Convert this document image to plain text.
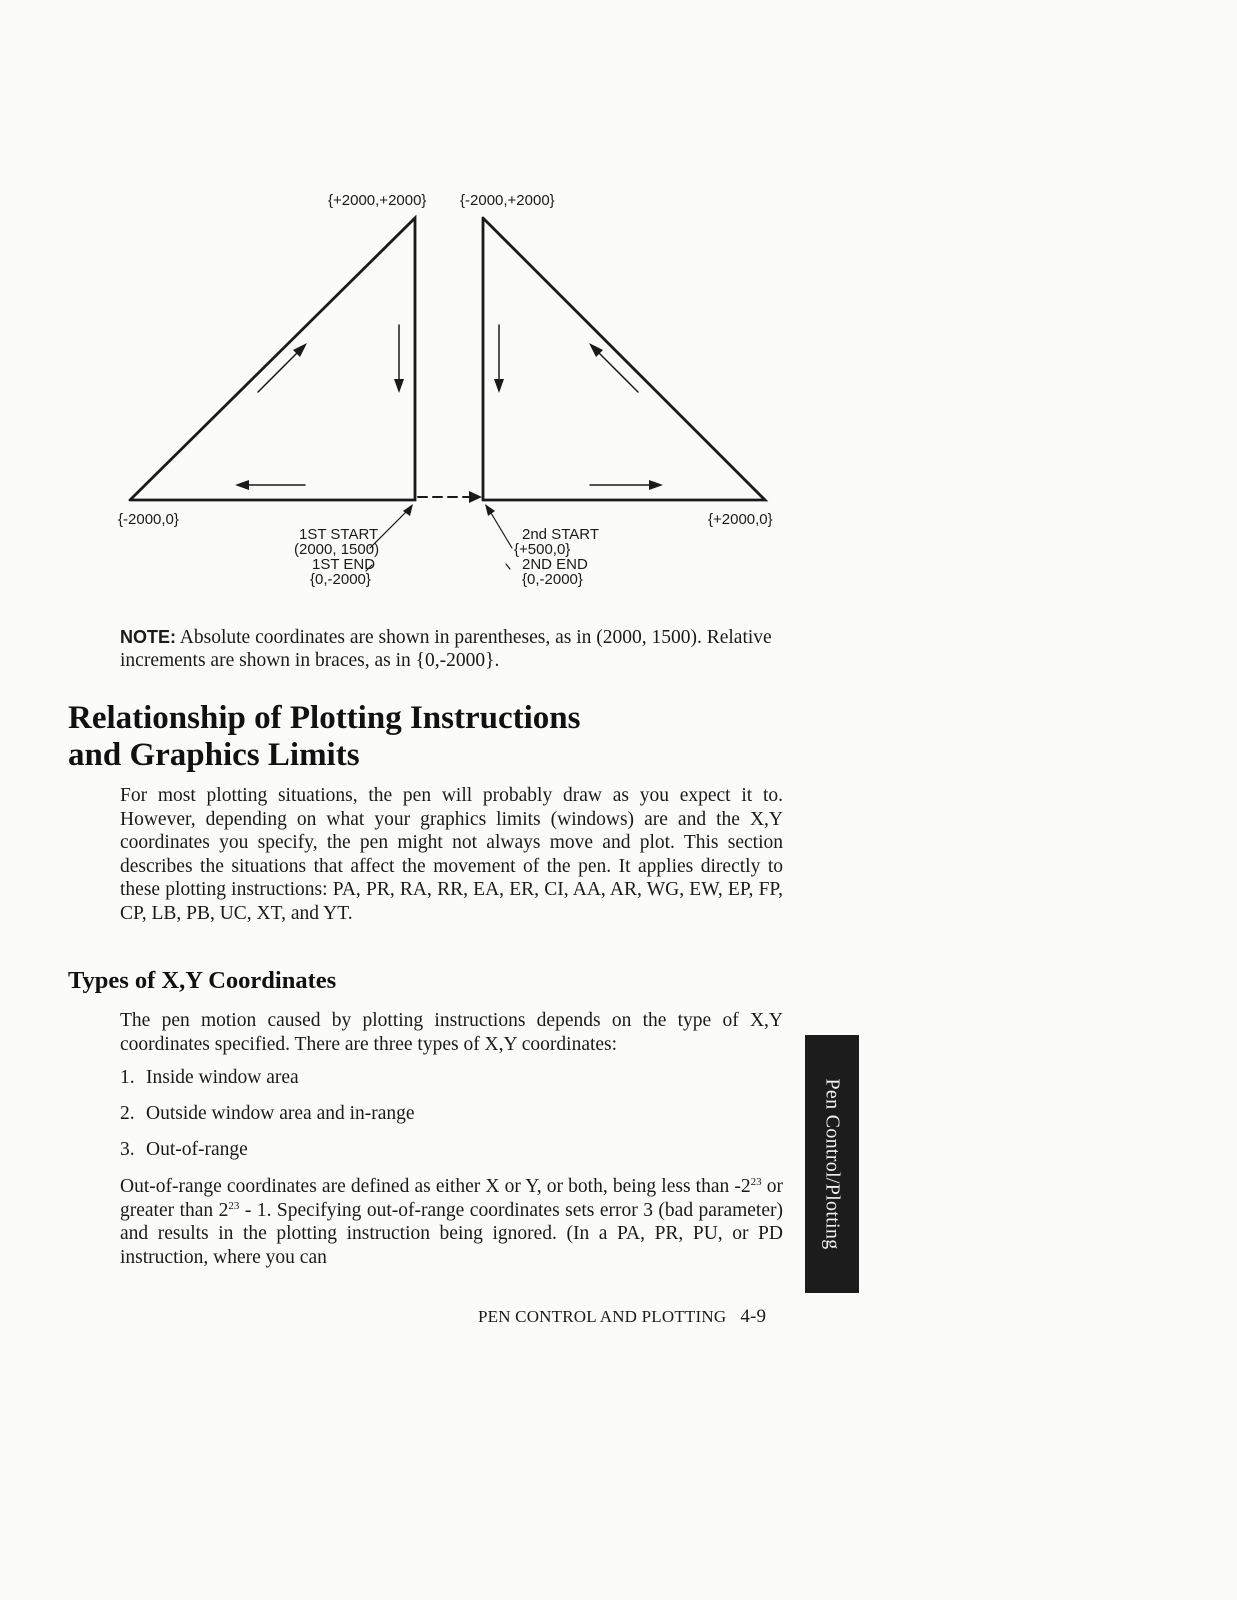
{+2000,+2000} {-2000,+2000}
{-2000,0}	{+2000,0}
1ST START
(2000, 1500)
1ST END
{0,-2000}
2nd START
{+500,0}
2ND END
{0,-2000}
NOTE: Absolute coordinates are shown in parentheses, as in (2000, 1500). Relative increments are shown in braces, as in {0,-2000}.
Relationship of Plotting Instructions
and Graphics Limits

For most plotting situations, the pen will probably draw as you expect it to. However, depending on what your graphics limits (windows) are and the X,Y coordinates you specify, the pen might not always move and plot. This section describes the situations that affect the movement of the pen. It applies directly to these plotting instructions: PA, PR, RA, RR, EA, ER, CI, AA, AR, WG, EW, EP, FP, CP, LB, PB, UC, XT, and YT.

Types of X,Y Coordinates

The pen motion caused by plotting instructions depends on the type of X,Y coordinates specified. There are three types of X,Y coordinates:

1. Inside window area
2. Outside window area and in-range
3. Out-of-range

Out-of-range coordinates are defined as either X or Y, or both, being less than $-2^{23}$ or greater than $2^{23} - 1$. Specifying out-of-range coordinates sets error 3 (bad parameter) and results in the plotting instruction being ignored. (In a PA, PR, PU, or PD instruction, where you can

PEN CONTROL AND PLOTTING 4-9
Pen Control/Plotting
